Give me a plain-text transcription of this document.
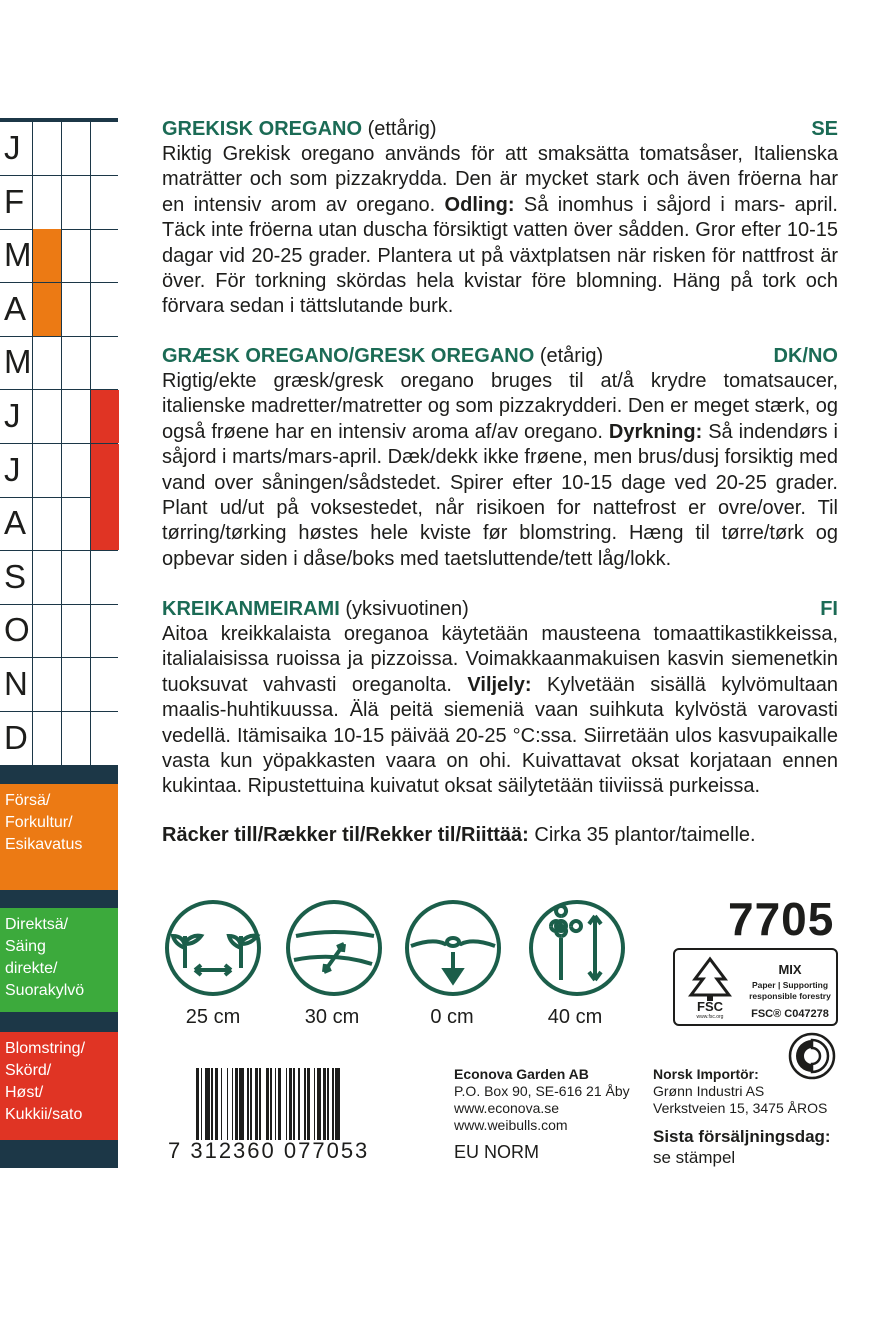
J
F
M
A
M
J
J
A
S
O
N
D
Försä/
Forkultur/
Esikavatus
Direktsä/
Säing
direkte/
Suorakylvö
Blomstring/
Skörd/
Høst/
Kukkii/sato
GREKISK OREGANO (ettårig)	SE
Riktig Grekisk oregano används för att smaksätta tomatsåser, Italienska maträtter och som pizzakrydda. Den är mycket stark och även fröerna har en intensiv arom av oregano. Odling: Så inomhus i såjord i mars- april. Täck inte fröerna utan duscha försiktigt vatten över sådden. Gror efter 10-15 dagar vid 20-25 grader. Plantera ut på växtplatsen när risken för nattfrost är över. För torkning skördas hela kvistar före blomning. Häng på tork och förvara sedan i tättslutande burk.
GRÆSK OREGANO/GRESK OREGANO (etårig)	DK/NO
Rigtig/ekte græsk/gresk oregano bruges til at/å krydre tomatsaucer, italienske madretter/matretter og som pizzakrydderi. Den er meget stærk, og også frøene har en intensiv aroma af/av oregano. Dyrkning: Så indendørs i såjord i marts/mars-april. Dæk/dekk ikke frøene, men brus/dusj forsiktig med vand over såningen/sådstedet. Spirer efter 10-15 dage ved 20-25 grader. Plant ud/ut på voksestedet, når risikoen for nattefrost er ovre/over. Til tørring/tørking høstes hele kviste før blomstring. Hæng til tørre/tørk og opbevar siden i dåse/boks med taetsluttende/tett låg/lokk.
KREIKANMEIRAMI (yksivuotinen)	FI
Aitoa kreikkalaista oreganoa käytetään mausteena tomaattikastikkeissa, italialaisissa ruoissa ja pizzoissa. Voimakkaanmakuisen kasvin siemenetkin tuoksuvat vahvasti oreganolta. Viljely: Kylvetään sisällä kylvömultaan maalis-huhtikuussa. Älä peitä siemeniä vaan suihkuta kylvöstä varovasti vedellä. Itämisaika 10-15 päivää 20-25 °C:ssa. Siirretään ulos kasvupaikalle vasta kun yöpakkasten vaara on ohi. Kuivattavat oksat korjataan ennen kukintaa. Ripustettuina kuivatut oksat säilytetään tiiviissä purkeissa.
Räcker till/Rækker til/Rekker til/Riittää: Cirka 35 plantor/taimelle.
25 cm	30 cm	0 cm	40 cm
7705
FSC
www.fsc.org
MIX
Paper | Supporting responsible forestry
FSC® C047278
7 312360 077053
Econova Garden AB
P.O. Box 90, SE-616 21 Åby
www.econova.se
www.weibulls.com
EU NORM
Norsk Importör:
Grønn Industri AS
Verkstveien 15, 3475 ÅROS
Sista försäljningsdag:
se stämpel
